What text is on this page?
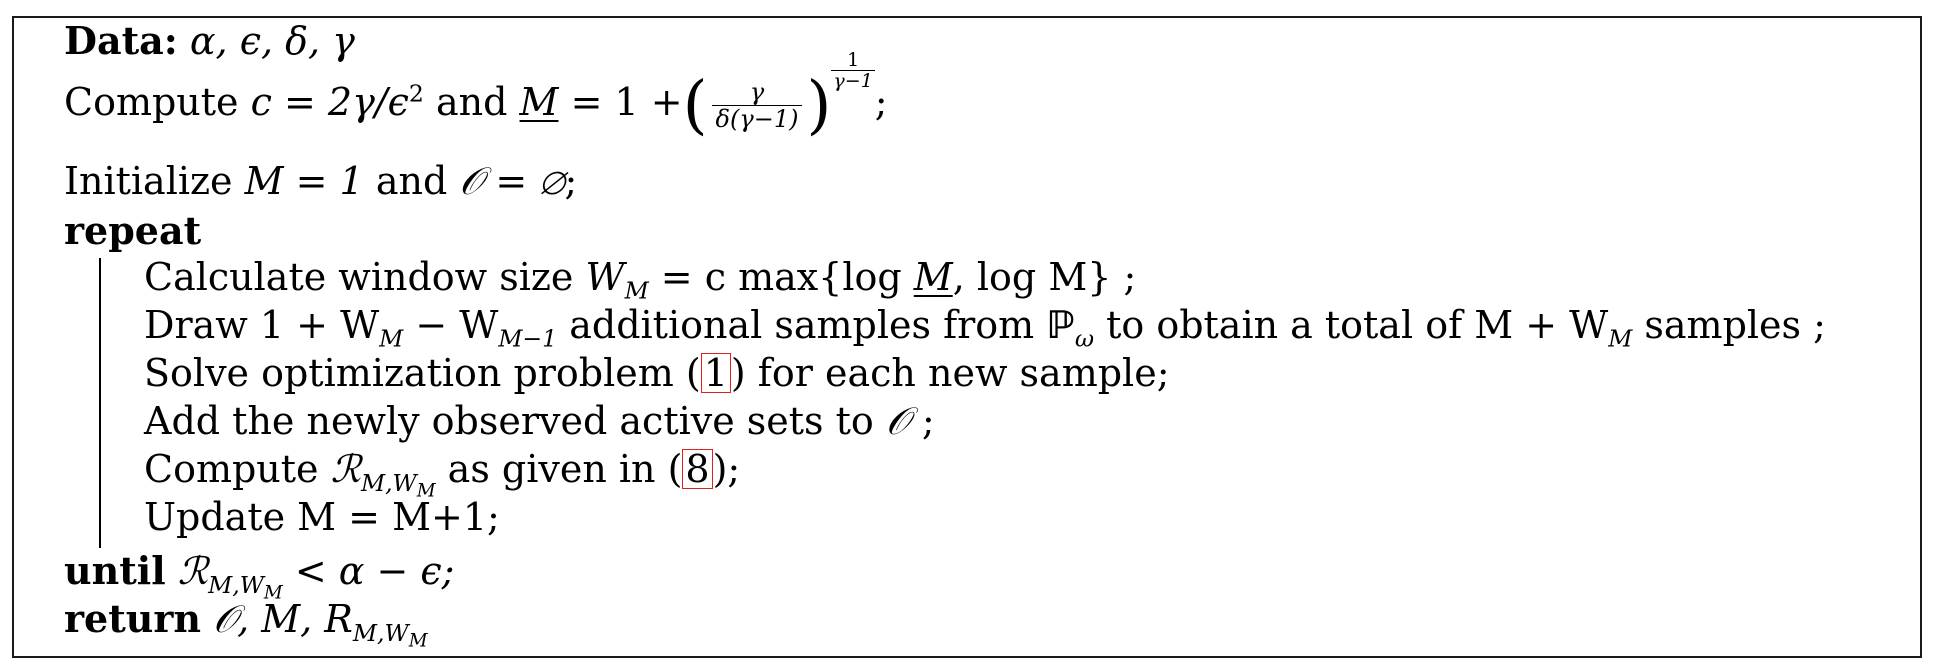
Data: α, ϵ, δ, γ
Compute $c = 2\gamma/\epsilon^2$ and M = 1 +( $\frac{\gamma}{\delta(\gamma-1)}$ ) $\frac{1}{\gamma-1}$
;
Initialize M = 1 and 𝒪 = ∅;
repeat
Calculate window size $W_M = c$ max{log M, log M} ;
Draw $1 + W_M - W_{M-1}$ additional samples from ℙ$_\omega$ to obtain a total of $M + W_M$ samples ;
Solve optimization problem (1) for each new sample;
Add the newly observed active sets to 𝒪 ;
Compute ℛ$_{M,W_M}$ as given in (8);
Update M = M+1;
until ℛ$_{M,W_M}$ < α − ϵ;
return 𝒪, M, $R_{M,W_M}$
